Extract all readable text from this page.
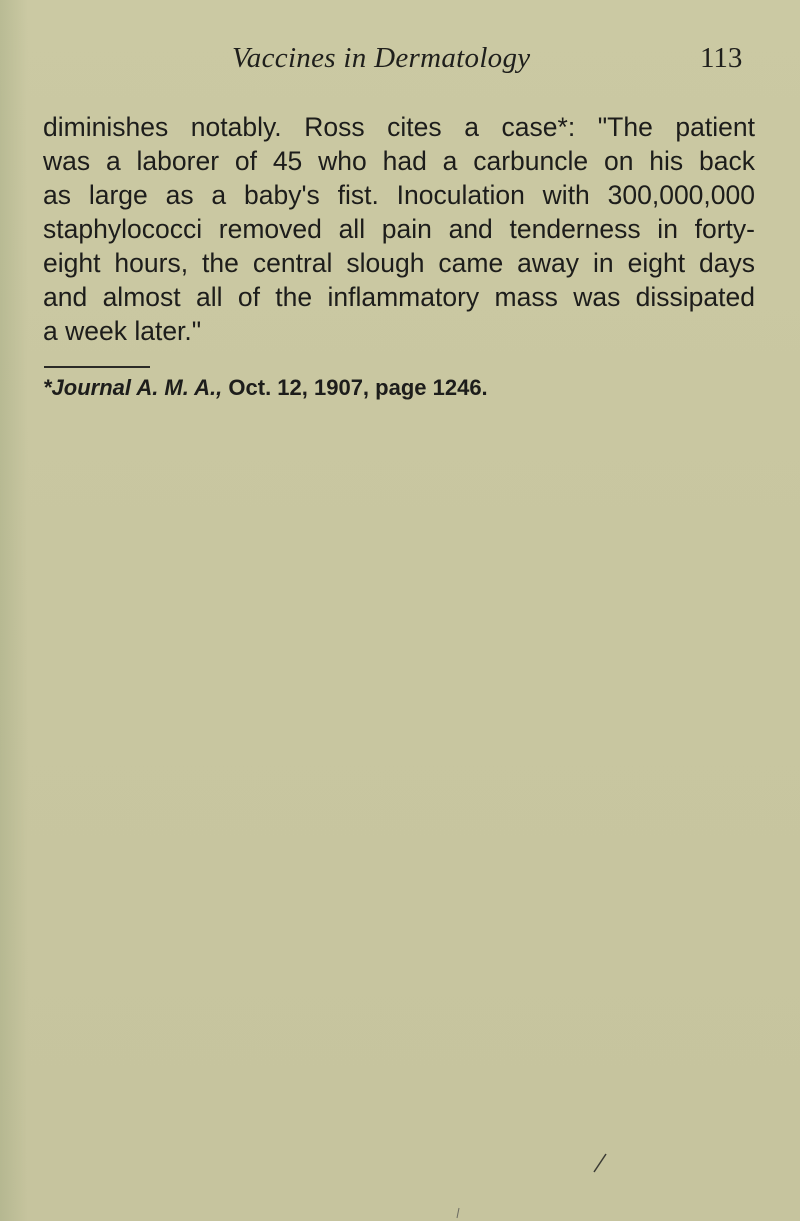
Vaccines in Dermatology	113
diminishes notably. Ross cites a case*: "The patient
was a laborer of 45 who had a carbuncle on his back
as large as a baby's fist. Inoculation with 300,000,000
staphylococci removed all pain and tenderness in forty-
eight hours, the central slough came away in eight days
and almost all of the inflammatory mass was dissipated
a week later."
*Journal A. M. A., Oct. 12, 1907, page 1246.
